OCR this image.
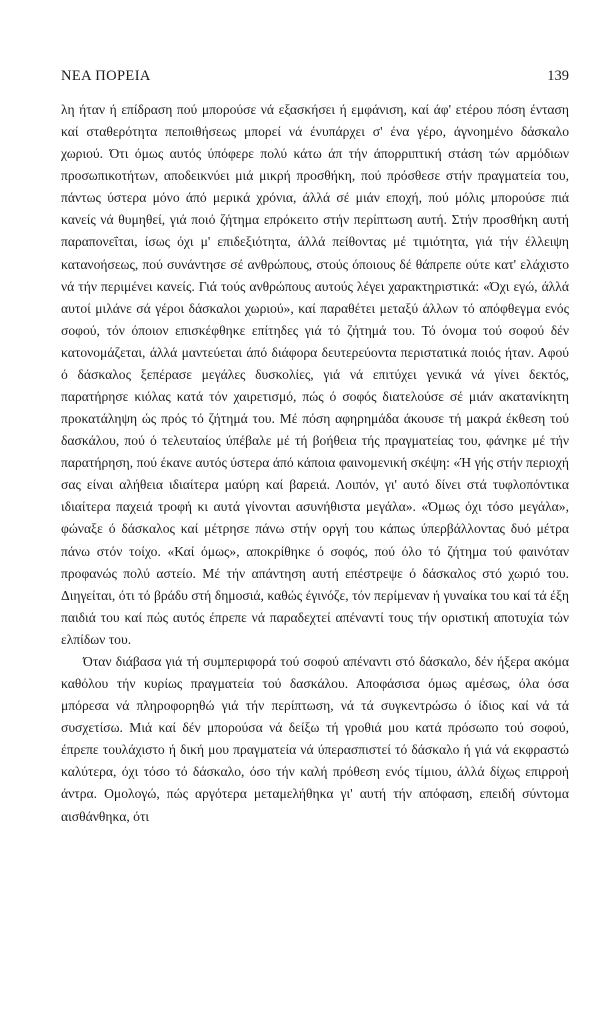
ΝΕΑ ΠΟΡΕΙΑ	139

λη ήταν ή επίδραση πού μπορούσε νά εξασκήσει ή εμφάνιση, καί άφ' ετέρου πόση ένταση καί σταθερότητα πεποιθήσεως μπορεί νά ένυπάρχει σ' ένα γέρο, άγνοημένο δάσκαλο χωριού. Ότι όμως αυτός ύπόφερε πολύ κάτω άπ τήν άπορριπτική στάση τών αρμόδιων προσωπικοτήτων, αποδεικνύει μιά μικρή προσθήκη, πού πρόσθεσε στήν πραγματεία του, πάντως ύστερα μόνο άπό μερικά χρόνια, άλλά σέ μιάν εποχή, πού μόλις μπορούσε πιά κανείς νά θυμηθεί, γιά ποιό ζήτημα επρόκειτο στήν περίπτωση αυτή. Στήν προσθήκη αυτή παραπονεΐται, ίσως όχι μ' επιδεξιότητα, άλλά πείθοντας μέ τιμιότητα, γιά τήν έλλειψη κατανοήσεως, πού συνάντησε σέ ανθρώπους, στούς όποιους δέ θάπρεπε ούτε κατ' ελάχιστο νά τήν περιμένει κανείς. Γιά τούς ανθρώπους αυτούς λέγει χαρακτηριστικά: «Όχι εγώ, άλλά αυτοί μιλάνε σά γέροι δάσκαλοι χωριού», καί παραθέτει μεταξύ άλλων τό απόφθεγμα ενός σοφού, τόν όποιον επισκέφθηκε επίτηδες γιά τό ζήτημά του. Τό όνομα τού σοφού δέν κατονομάζεται, άλλά μαντεύεται άπό διάφορα δευτερεύοντα περιστατικά ποιός ήταν. Αφού ό δάσκαλος ξεπέρασε μεγάλες δυσκολίες, γιά νά επιτύχει γενικά νά γίνει δεκτός, παρατήρησε κιόλας κατά τόν χαιρετισμό, πώς ό σοφός διατελούσε σέ μιάν ακατανίκητη προκατάληψη ώς πρός τό ζήτημά του. Μέ πόση αφηρημάδα άκουσε τή μακρά έκθεση τού δασκάλου, πού ό τελευταίος ύπέβαλε μέ τή βοήθεια τής πραγματείας του, φάνηκε μέ τήν παρατήρηση, πού έκανε αυτός ύστερα άπό κάποια φαινομενική σκέψη: «Ή γής στήν περιοχή σας είναι αλήθεια ιδιαίτερα μαύρη καί βαρειά. Λοιπόν, γι' αυτό δίνει στά τυφλοπόντικα ιδιαίτερα παχειά τροφή κι αυτά γίνονται ασυνήθιστα μεγάλα». «Όμως όχι τόσο μεγάλα», φώναξε ό δάσκαλος καί μέτρησε πάνω στήν οργή του κάπως ύπερβάλλοντας δυό μέτρα πάνω στόν τοίχο. «Καί όμως», αποκρίθηκε ό σοφός, πού όλο τό ζήτημα τού φαινόταν προφανώς πολύ αστείο. Μέ τήν απάντηση αυτή επέστρεψε ό δάσκαλος στό χωριό του. Διηγείται, ότι τό βράδυ στή δημοσιά, καθώς έγινόζε, τόν περίμεναν ή γυναίκα του καί τά έξη παιδιά του καί πώς αυτός έπρεπε νά παραδεχτεί απέναντί τους τήν οριστική αποτυχία τών ελπίδων του.

Όταν διάβασα γιά τή συμπεριφορά τού σοφού απέναντι στό δάσκαλο, δέν ήξερα ακόμα καθόλου τήν κυρίως πραγματεία τού δασκάλου. Αποφάσισα όμως αμέσως, όλα όσα μπόρεσα νά πληροφορηθώ γιά τήν περίπτωση, νά τά συγκεντρώσω ό ίδιος καί νά τά συσχετίσω. Μιά καί δέν μπορούσα νά δείξω τή γροθιά μου κατά πρόσωπο τού σοφού, έπρεπε τουλάχιστο ή δική μου πραγματεία νά ύπερασπιστεί τό δάσκαλο ή γιά νά εκφραστώ καλύτερα, όχι τόσο τό δάσκαλο, όσο τήν καλή πρόθεση ενός τίμιου, άλλά δίχως επιρροή άντρα. Ομολογώ, πώς αργότερα μεταμελήθηκα γι' αυτή τήν απόφαση, επειδή σύντομα αισθάνθηκα, ότι
